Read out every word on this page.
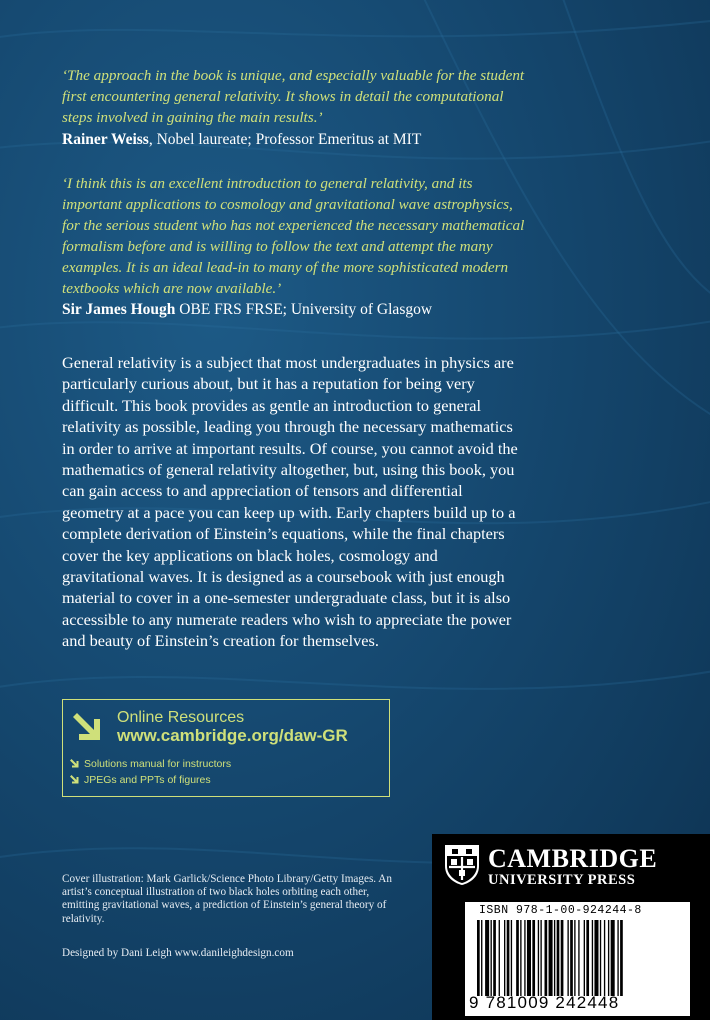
‘The approach in the book is unique, and especially valuable for the student first encountering general relativity. It shows in detail the computational steps involved in gaining the main results.’

Rainer Weiss, Nobel laureate; Professor Emeritus at MIT

‘I think this is an excellent introduction to general relativity, and its important applications to cosmology and gravitational wave astrophysics, for the serious student who has not experienced the necessary mathematical formalism before and is willing to follow the text and attempt the many examples. It is an ideal lead-in to many of the more sophisticated modern textbooks which are now available.’

Sir James Hough OBE FRS FRSE; University of Glasgow

General relativity is a subject that most undergraduates in physics are particularly curious about, but it has a reputation for being very difficult. This book provides as gentle an introduction to general relativity as possible, leading you through the necessary mathematics in order to arrive at important results. Of course, you cannot avoid the mathematics of general relativity altogether, but, using this book, you can gain access to and appreciation of tensors and differential geometry at a pace you can keep up with. Early chapters build up to a complete derivation of Einstein’s equations, while the final chapters cover the key applications on black holes, cosmology and gravitational waves. It is designed as a coursebook with just enough material to cover in a one-semester undergraduate class, but it is also accessible to any numerate readers who wish to appreciate the power and beauty of Einstein’s creation for themselves.

Online Resources
www.cambridge.org/daw-GR
Solutions manual for instructors
JPEGs and PPTs of figures

Cover illustration: Mark Garlick/Science Photo Library/Getty Images. An artist’s conceptual illustration of two black holes orbiting each other, emitting gravitational waves, a prediction of Einstein’s general theory of relativity.

Designed by Dani Leigh www.danileighdesign.com
CAMBRIDGE
UNIVERSITY PRESS
ISBN 978-1-00-924244-8
9 781009 242448
